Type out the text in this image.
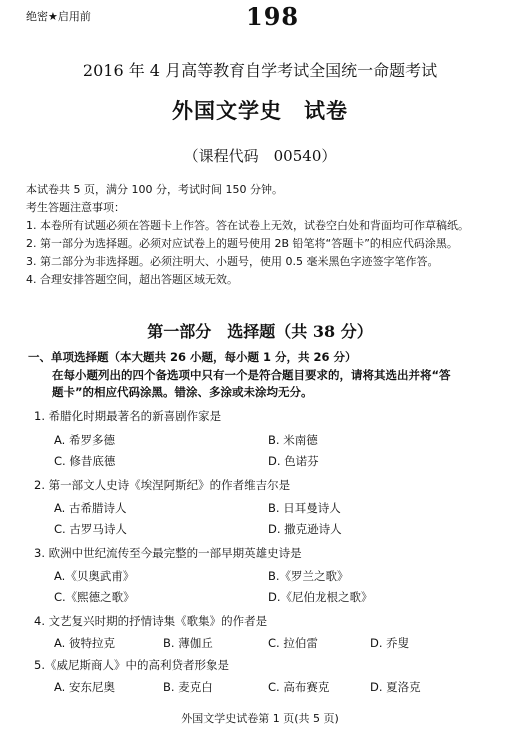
绝密★启用前	198
2016 年 4 月高等教育自学考试全国统一命题考试
外国文学史　试卷
（课程代码　00540）
本试卷共 5 页，满分 100 分，考试时间 150 分钟。
考生答题注意事项：
1. 本卷所有试题必须在答题卡上作答。答在试卷上无效，试卷空白处和背面均可作草稿纸。
2. 第一部分为选择题。必须对应试卷上的题号使用 2B 铅笔将“答题卡”的相应代码涂黑。
3. 第二部分为非选择题。必须注明大、小题号，使用 0.5 毫米黑色字迹签字笔作答。
4. 合理安排答题空间，超出答题区域无效。
第一部分　选择题（共 38 分）
一、单项选择题（本大题共 26 小题，每小题 1 分，共 26 分）
在每小题列出的四个备选项中只有一个是符合题目要求的，请将其选出并将“答
题卡”的相应代码涂黑。错涂、多涂或未涂均无分。
1. 希腊化时期最著名的新喜剧作家是
A. 希罗多德	B. 米南德
C. 修昔底德	D. 色诺芬
2. 第一部文人史诗《埃涅阿斯纪》的作者维吉尔是
A. 古希腊诗人	B. 日耳曼诗人
C. 古罗马诗人	D. 撒克逊诗人
3. 欧洲中世纪流传至今最完整的一部早期英雄史诗是
A.《贝奥武甫》	B.《罗兰之歌》
C.《熙德之歌》	D.《尼伯龙根之歌》
4. 文艺复兴时期的抒情诗集《歌集》的作者是
A. 彼特拉克	B. 薄伽丘	C. 拉伯雷	D. 乔叟
5.《威尼斯商人》中的高利贷者形象是
A. 安东尼奥	B. 麦克白	C. 高布赛克	D. 夏洛克
外国文学史试卷第 1 页(共 5 页)
